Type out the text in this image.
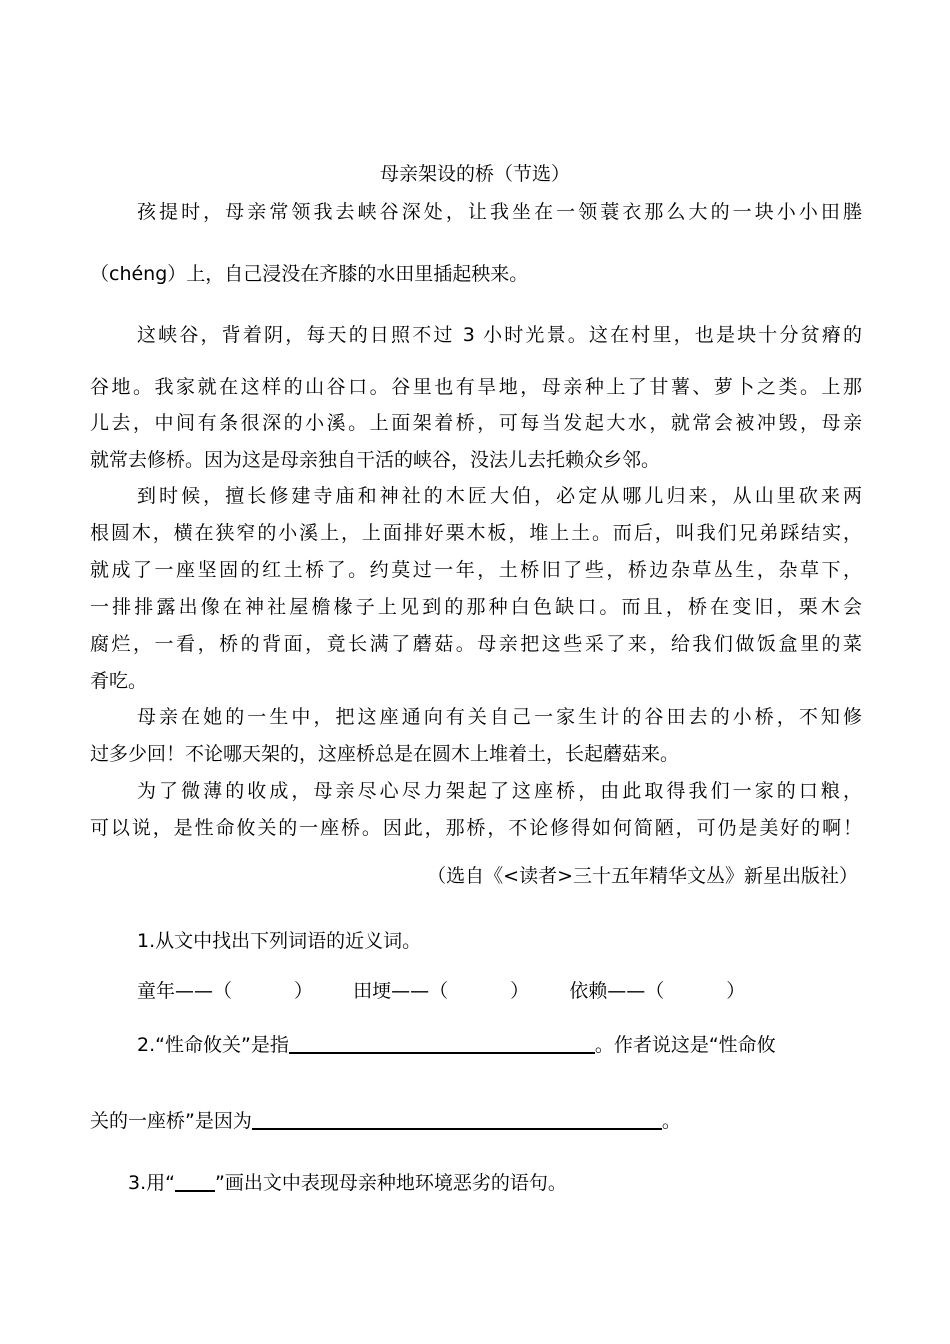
母亲架设的桥（节选）
孩提时，母亲常领我去峡谷深处，让我坐在一领蓑衣那么大的一块小小田塍
（chéng）上，自己浸没在齐膝的水田里插起秧来。
这峡谷，背着阴，每天的日照不过 3 小时光景。这在村里，也是块十分贫瘠的
谷地。我家就在这样的山谷口。谷里也有旱地，母亲种上了甘薯、萝卜之类。上那
儿去，中间有条很深的小溪。上面架着桥，可每当发起大水，就常会被冲毁，母亲
就常去修桥。因为这是母亲独自干活的峡谷，没法儿去托赖众乡邻。
到时候，擅长修建寺庙和神社的木匠大伯，必定从哪儿归来，从山里砍来两
根圆木，横在狭窄的小溪上，上面排好栗木板，堆上土。而后，叫我们兄弟踩结实，
就成了一座坚固的红土桥了。约莫过一年，土桥旧了些，桥边杂草丛生，杂草下，
一排排露出像在神社屋檐椽子上见到的那种白色缺口。而且，桥在变旧，栗木会
腐烂，一看，桥的背面，竟长满了蘑菇。母亲把这些采了来，给我们做饭盒里的菜
肴吃。
母亲在她的一生中，把这座通向有关自己一家生计的谷田去的小桥，不知修
过多少回！不论哪天架的，这座桥总是在圆木上堆着土，长起蘑菇来。
为了微薄的收成，母亲尽心尽力架起了这座桥，由此取得我们一家的口粮，
可以说，是性命攸关的一座桥。因此，那桥，不论修得如何简陋，可仍是美好的啊！
（选自《<读者>三十五年精华文丛》新星出版社）
1.从文中找出下列词语的近义词。
童年——（	） 田埂——（	） 依赖——（	）
2.“性命攸关”是指	。作者说这是“性命攸
关的一座桥”是因为	。
3.用“ ”画出文中表现母亲种地环境恶劣的语句。
